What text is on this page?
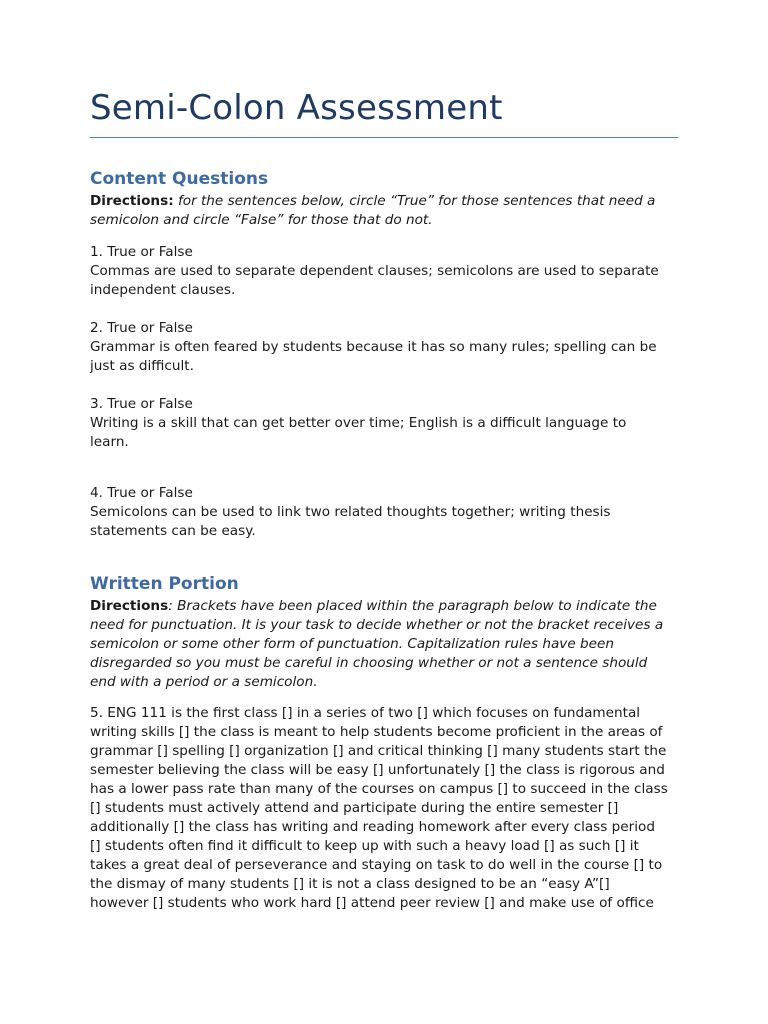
Semi-Colon Assessment
Content Questions
Directions: for the sentences below, circle “True” for those sentences that need a
semicolon and circle “False” for those that do not.
1. True or False
Commas are used to separate dependent clauses; semicolons are used to separate
independent clauses.
2. True or False
Grammar is often feared by students because it has so many rules; spelling can be
just as difficult.
3. True or False
Writing is a skill that can get better over time; English is a difficult language to
learn.
4. True or False
Semicolons can be used to link two related thoughts together; writing thesis
statements can be easy.
Written Portion
Directions: Brackets have been placed within the paragraph below to indicate the
need for punctuation. It is your task to decide whether or not the bracket receives a
semicolon or some other form of punctuation. Capitalization rules have been
disregarded so you must be careful in choosing whether or not a sentence should
end with a period or a semicolon.
5. ENG 111 is the first class [] in a series of two [] which focuses on fundamental
writing skills [] the class is meant to help students become proficient in the areas of
grammar [] spelling [] organization [] and critical thinking [] many students start the
semester believing the class will be easy [] unfortunately [] the class is rigorous and
has a lower pass rate than many of the courses on campus [] to succeed in the class
[] students must actively attend and participate during the entire semester []
additionally [] the class has writing and reading homework after every class period
[] students often find it difficult to keep up with such a heavy load [] as such [] it
takes a great deal of perseverance and staying on task to do well in the course [] to
the dismay of many students [] it is not a class designed to be an “easy A”[]
however [] students who work hard [] attend peer review [] and make use of office
